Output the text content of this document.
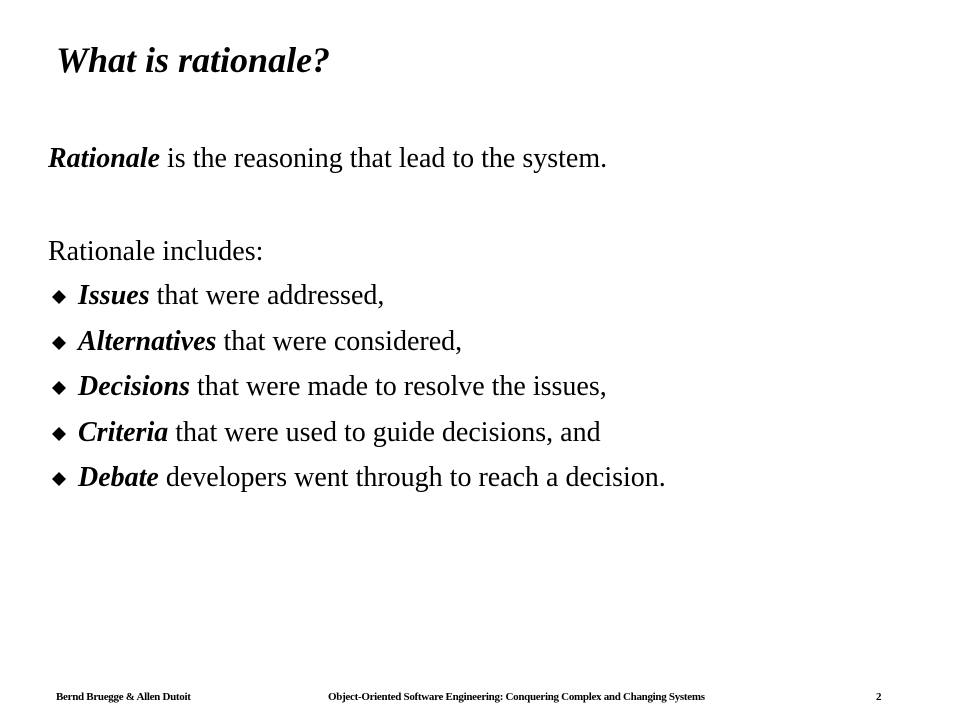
What is rationale?
Rationale is the reasoning that lead to the system.
Rationale includes:
Issues that were addressed,
Alternatives that were considered,
Decisions that were made to resolve the issues,
Criteria that were used to guide decisions, and
Debate developers went through to reach a decision.
Bernd Bruegge & Allen Dutoit	Object-Oriented Software Engineering: Conquering Complex and Changing Systems	2
